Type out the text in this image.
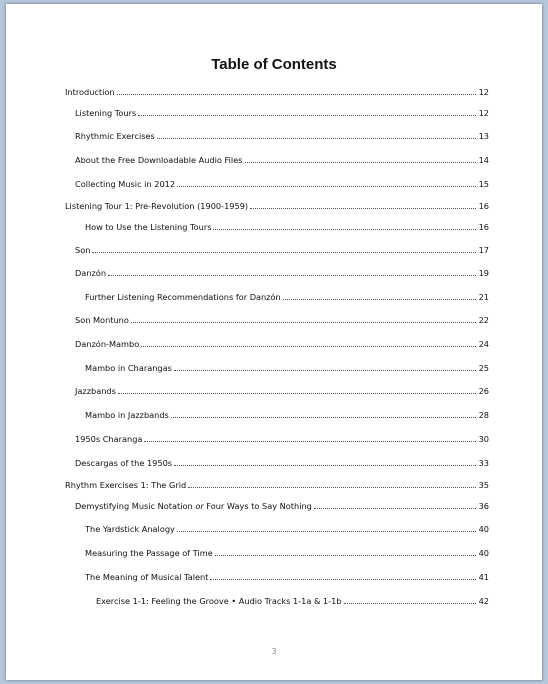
Table of Contents
Introduction	12
Listening Tours	12
Rhythmic Exercises	13
About the Free Downloadable Audio Files	14
Collecting Music in 2012	15
Listening Tour 1: Pre-Revolution (1900-1959)	16
How to Use the Listening Tours	16
Son	17
Danzón	19
Further Listening Recommendations for Danzón	21
Son Montuno	22
Danzón-Mambo	24
Mambo in Charangas	25
Jazzbands	26
Mambo in Jazzbands	28
1950s Charanga	30
Descargas of the 1950s	33
Rhythm Exercises 1: The Grid	35
Demystifying Music Notation or Four Ways to Say Nothing	36
The Yardstick Analogy	40
Measuring the Passage of Time	40
The Meaning of Musical Talent	41
Exercise 1-1: Feeling the Groove • Audio Tracks 1-1a & 1-1b	42
3
